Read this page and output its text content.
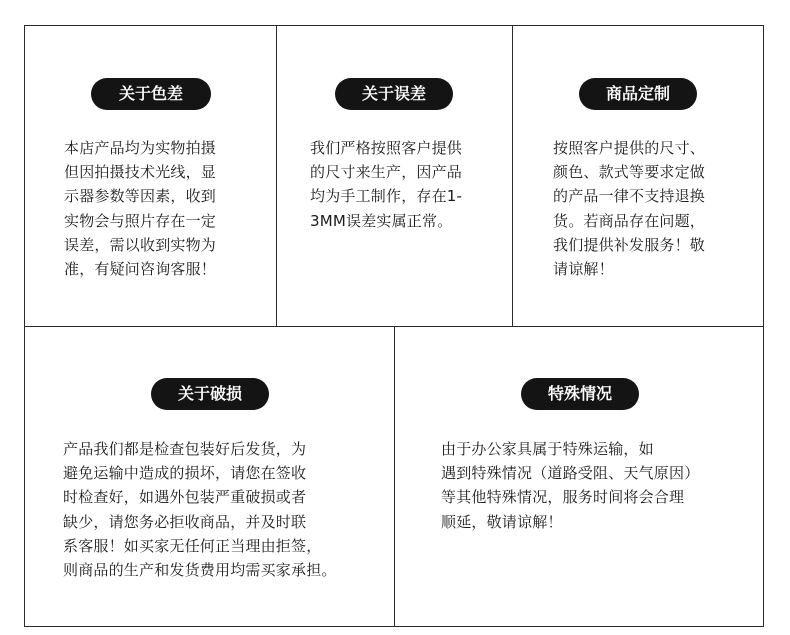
关于色差
本店产品均为实物拍摄
但因拍摄技术光线，显
示器参数等因素，收到
实物会与照片存在一定
误差，需以收到实物为
准，有疑问咨询客服！
关于误差
我们严格按照客户提供
的尺寸来生产，因产品
均为手工制作，存在1-
3MM误差实属正常。
商品定制
按照客户提供的尺寸、
颜色、款式等要求定做
的产品一律不支持退换
货。若商品存在问题，
我们提供补发服务！敬
请谅解！
关于破损
产品我们都是检查包装好后发货，为
避免运输中造成的损坏，请您在签收
时检查好，如遇外包装严重破损或者
缺少，请您务必拒收商品，并及时联
系客服！如买家无任何正当理由拒签，
则商品的生产和发货费用均需买家承担。
特殊情况
由于办公家具属于特殊运输，如
遇到特殊情况（道路受阻、天气原因）
等其他特殊情况，服务时间将会合理
顺延，敬请谅解！
